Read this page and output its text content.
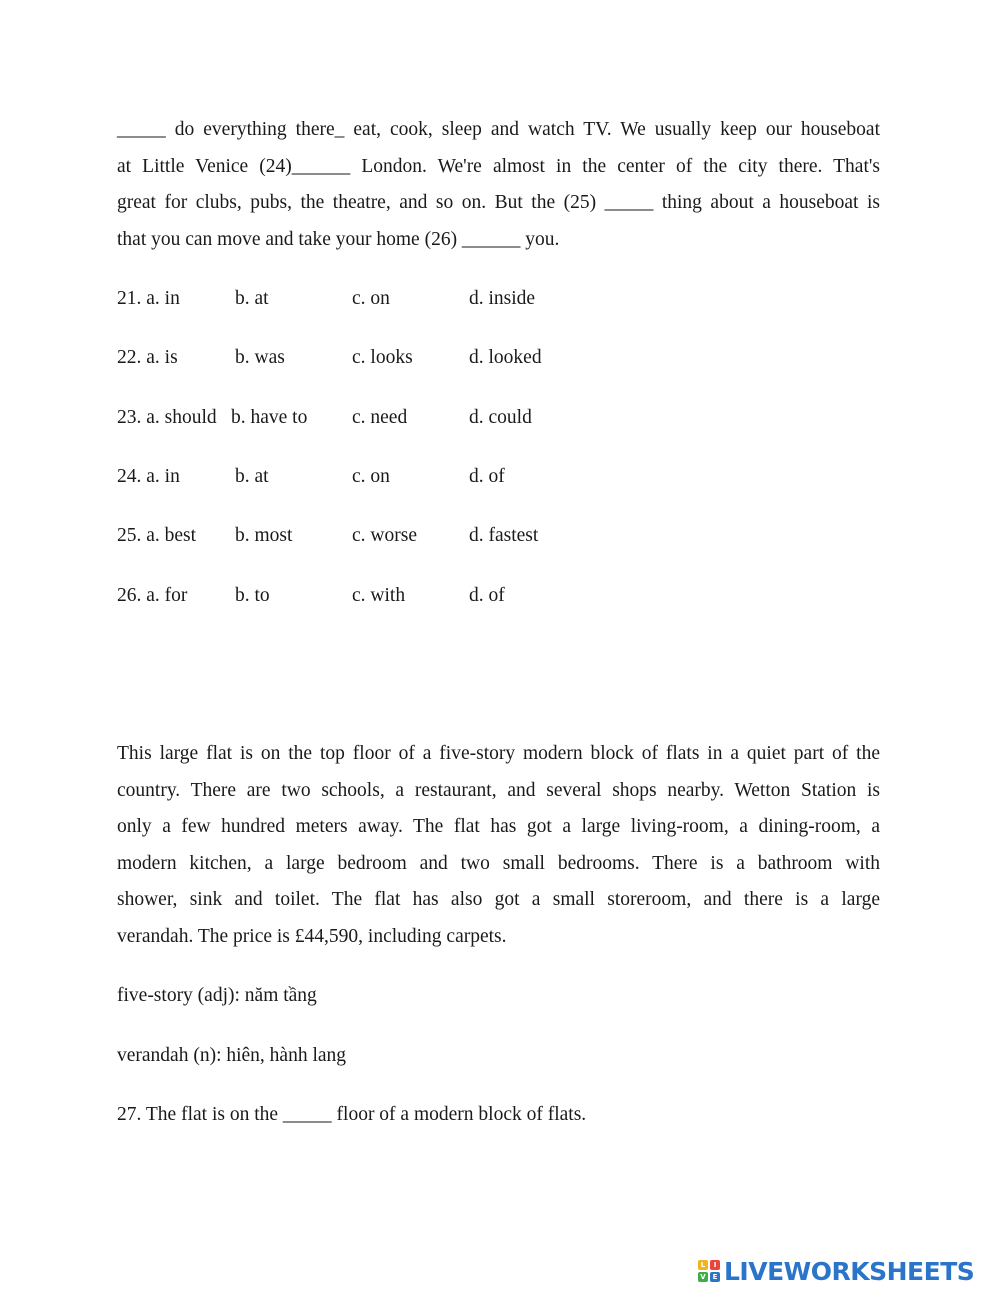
_____ do everything there_ eat, cook, sleep and watch TV. We usually keep our houseboat
at Little Venice (24)______ London. We're almost in the center of the city there. That's
great for clubs, pubs, the theatre, and so on. But the (25) _____ thing about a houseboat is
that you can move and take your home (26) ______ you.
21. a. in	b. at	c. on	d. inside
22. a. is	b. was	c. looks	d. looked
23. a. should b. have to c. need	d. could
24. a. in	b. at	c. on	d. of
25. a. best b. most	c. worse	d. fastest
26. a. for b. to	c. with	d. of
This large flat is on the top floor of a five-story modern block of flats in a quiet part of the
country. There are two schools, a restaurant, and several shops nearby. Wetton Station is
only a few hundred meters away. The flat has got a large living-room, a dining-room, a
modern kitchen, a large bedroom and two small bedrooms. There is a bathroom with
shower, sink and toilet. The flat has also got a small storeroom, and there is a large
verandah. The price is £44,590, including carpets.
five-story (adj): năm tầng
verandah (n): hiên, hành lang
27. The flat is on the _____ floor of a modern block of flats.
L	I
V E LIVEWORKSHEETS
